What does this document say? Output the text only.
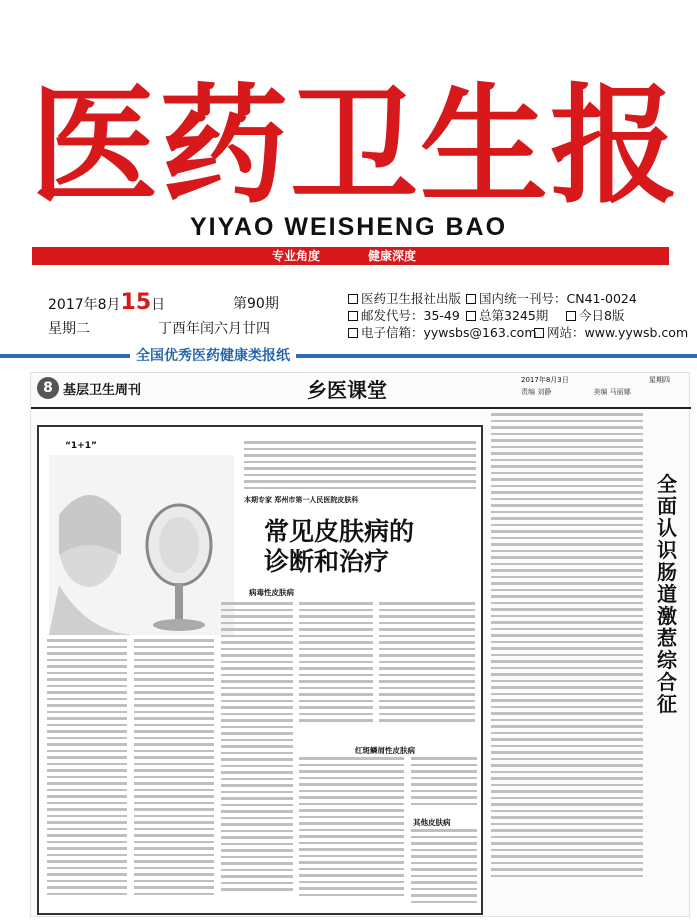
医 药 卫 生 报
YIYAO WEISHENG BAO
专业角度	健康深度
2017年8月15日	第90期
星期二	丁酉年闰六月廿四
医药卫生报社出版	国内统一刊号：CN41-0024
邮发代号：35-49	总第3245期	今日8版
电子信箱：yywsbs@163.com 网站：www.yywsb.com
全国优秀医药健康类报纸
8 基层卫生周刊	乡医课堂	2017年8月3日	星期四
责编 刘静	美编 马丽娜
“1+1”
本期专家 郑州市第一人民医院皮肤科
常见皮肤病的
诊断和治疗
病毒性皮肤病
红斑鳞屑性皮肤病
其他皮肤病
全
面
认
识
肠
道
激
惹
综
合
征
